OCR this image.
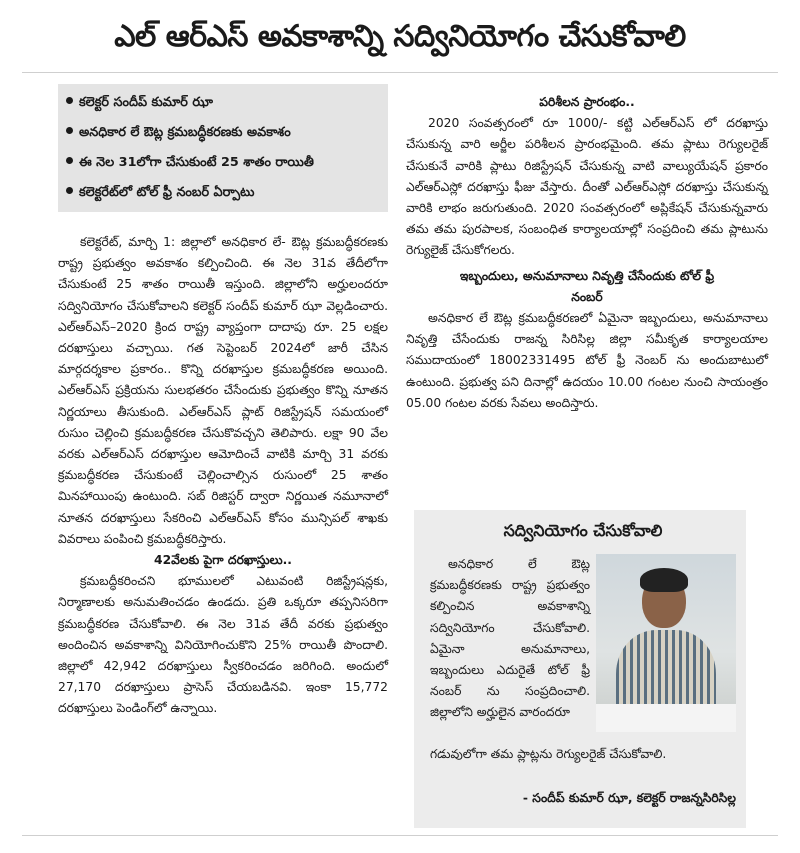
ఎల్ ఆర్ఎస్ అవకాశాన్ని సద్వినియోగం చేసుకోవాలి
కలెక్టర్ సందీప్ కుమార్ ఝా
అనధికార లే ఔట్ల క్రమబద్ధీకరణకు అవకాశం
ఈ నెల 31లోగా చేసుకుంటే 25 శాతం రాయితీ
కలెక్టరేట్‌లో టోల్ ఫ్రీ నంబర్ ఏర్పాటు

కలెక్టరేట్, మార్చి 1: జిల్లాలో అనధికార లే- ఔట్ల క్రమబద్ధీకరణకు రాష్ట్ర ప్రభుత్వం అవకాశం కల్పించింది. ఈ నెల 31వ తేదీలోగా చేసుకుంటే 25 శాతం రాయితీ ఇస్తుంది. జిల్లాలోని అర్హులందరూ సద్వినియోగం చేసుకోవాలని కలెక్టర్ సందీప్ కుమార్ ఝా వెల్లడించారు. ఎల్ఆర్ఎస్–2020 క్రింద రాష్ట్ర వ్యాప్తంగా దాదాపు రూ. 25 లక్షల దరఖాస్తులు వచ్చాయి. గత సెప్టెంబర్ 2024లో జారీ చేసిన మార్గదర్శకాల ప్రకారం.. కొన్ని దరఖాస్తుల క్రమబద్ధీకరణ అయింది. ఎల్ఆర్ఎస్ ప్రక్రియను సులభతరం చేసేందుకు ప్రభుత్వం కొన్ని నూతన నిర్ణయాలు తీసుకుంది. ఎల్ఆర్ఎస్ ప్లాట్ రిజిస్ట్రేషన్ సమయంలో రుసుం చెల్లించి క్రమబద్ధీకరణ చేసుకొవచ్చని తెలిపారు. లక్షా 90 వేల వరకు ఎల్ఆర్ఎస్ దరఖాస్తుల ఆమోదించే వాటికి మార్చి 31 వరకు క్రమబద్ధీకరణ చేసుకుంటే చెల్లించాల్సిన రుసుంలో 25 శాతం మినహాయింపు ఉంటుంది. సబ్ రిజిస్టర్ ద్వారా నిర్ణయిత నమూనాలో నూతన దరఖాస్తులు సేకరించి ఎల్ఆర్ఎస్ కోసం మున్సిపల్ శాఖకు వివరాలు పంపించి క్రమబద్ధీకరిస్తారు.

42వేలకు పైగా దరఖాస్తులు..

క్రమబద్ధీకరించని భూములలో ఎటువంటి రిజిస్ట్రేషన్లకు, నిర్మాణాలకు అనుమతించడం ఉండదు. ప్రతి ఒక్కరూ తప్పనిసరిగా క్రమబద్ధీకరణ చేసుకోవాలి. ఈ నెల 31వ తేదీ వరకు ప్రభుత్వం అందించిన అవకాశాన్ని వినియోగించుకొని 25% రాయితీ పొందాలి. జిల్లాలో 42,942 దరఖాస్తులు స్వీకరించడం జరిగింది. అందులో 27,170 దరఖాస్తులు ప్రాసెస్ చేయబడినవి. ఇంకా 15,772 దరఖాస్తులు పెండింగ్‌లో ఉన్నాయి.

పరిశీలన ప్రారంభం..

2020 సంవత్సరంలో రూ 1000/- కట్టి ఎల్ఆర్ఎస్ లో దరఖాస్తు చేసుకున్న వారి అర్జీల పరిశీలన ప్రారంభమైంది. తమ ప్లాటు రెగ్యులరైజ్ చేసుకునే వారికి ప్లాటు రిజిస్ట్రేషన్ చేసుకున్న వాటి వాల్యుయేషన్ ప్రకారం ఎల్ఆర్ఎస్లో దరఖాస్తు ఫీజు వేస్తారు. దీంతో ఎల్ఆర్ఎస్లో దరఖాస్తు చేసుకున్న వారికి లాభం జరుగుతుంది. 2020 సంవత్సరంలో అప్లికేషన్ చేసుకున్నవారు తమ తమ పురపాలక, సంబంధిత కార్యాలయాల్లో సంప్రదించి తమ ప్లాటును రెగ్యులైజ్ చేసుకోగలరు.

ఇబ్బందులు, అనుమానాలు నివృత్తి చేసేందుకు టోల్ ఫ్రీ నంబర్

అనధికార లే ఔట్ల క్రమబద్ధీకరణలో ఏమైనా ఇబ్బందులు, అనుమానాలు నివృత్తి చేసేందుకు రాజన్న సిరిసిల్ల జిల్లా సమీకృత కార్యాలయాల సముదాయంలో 18002331495 టోల్ ఫ్రీ నెంబర్ ను అందుబాటులో ఉంటుంది. ప్రభుత్వ పని దినాల్లో ఉదయం 10.00 గంటల నుంచి సాయంత్రం 05.00 గంటల వరకు సేవలు అందిస్తారు.

సద్వినియోగం చేసుకోవాలి

అనధికార లే ఔట్ల క్రమబద్ధీకరణకు రాష్ట్ర ప్రభుత్వం కల్పించిన అవకాశాన్ని సద్వినియోగం చేసుకోవాలి. ఏమైనా అనుమానాలు, ఇబ్బందులు ఎదురైతే టోల్ ఫ్రీ నంబర్ ను సంప్రదించాలి. జిల్లాలోని అర్హులైన వారందరూ

గడువులోగా తమ ప్లాట్లను రెగ్యులరైజ్ చేసుకోవాలి.
- సందీప్ కుమార్ ఝా, కలెక్టర్ రాజన్నసిరిసిల్ల
